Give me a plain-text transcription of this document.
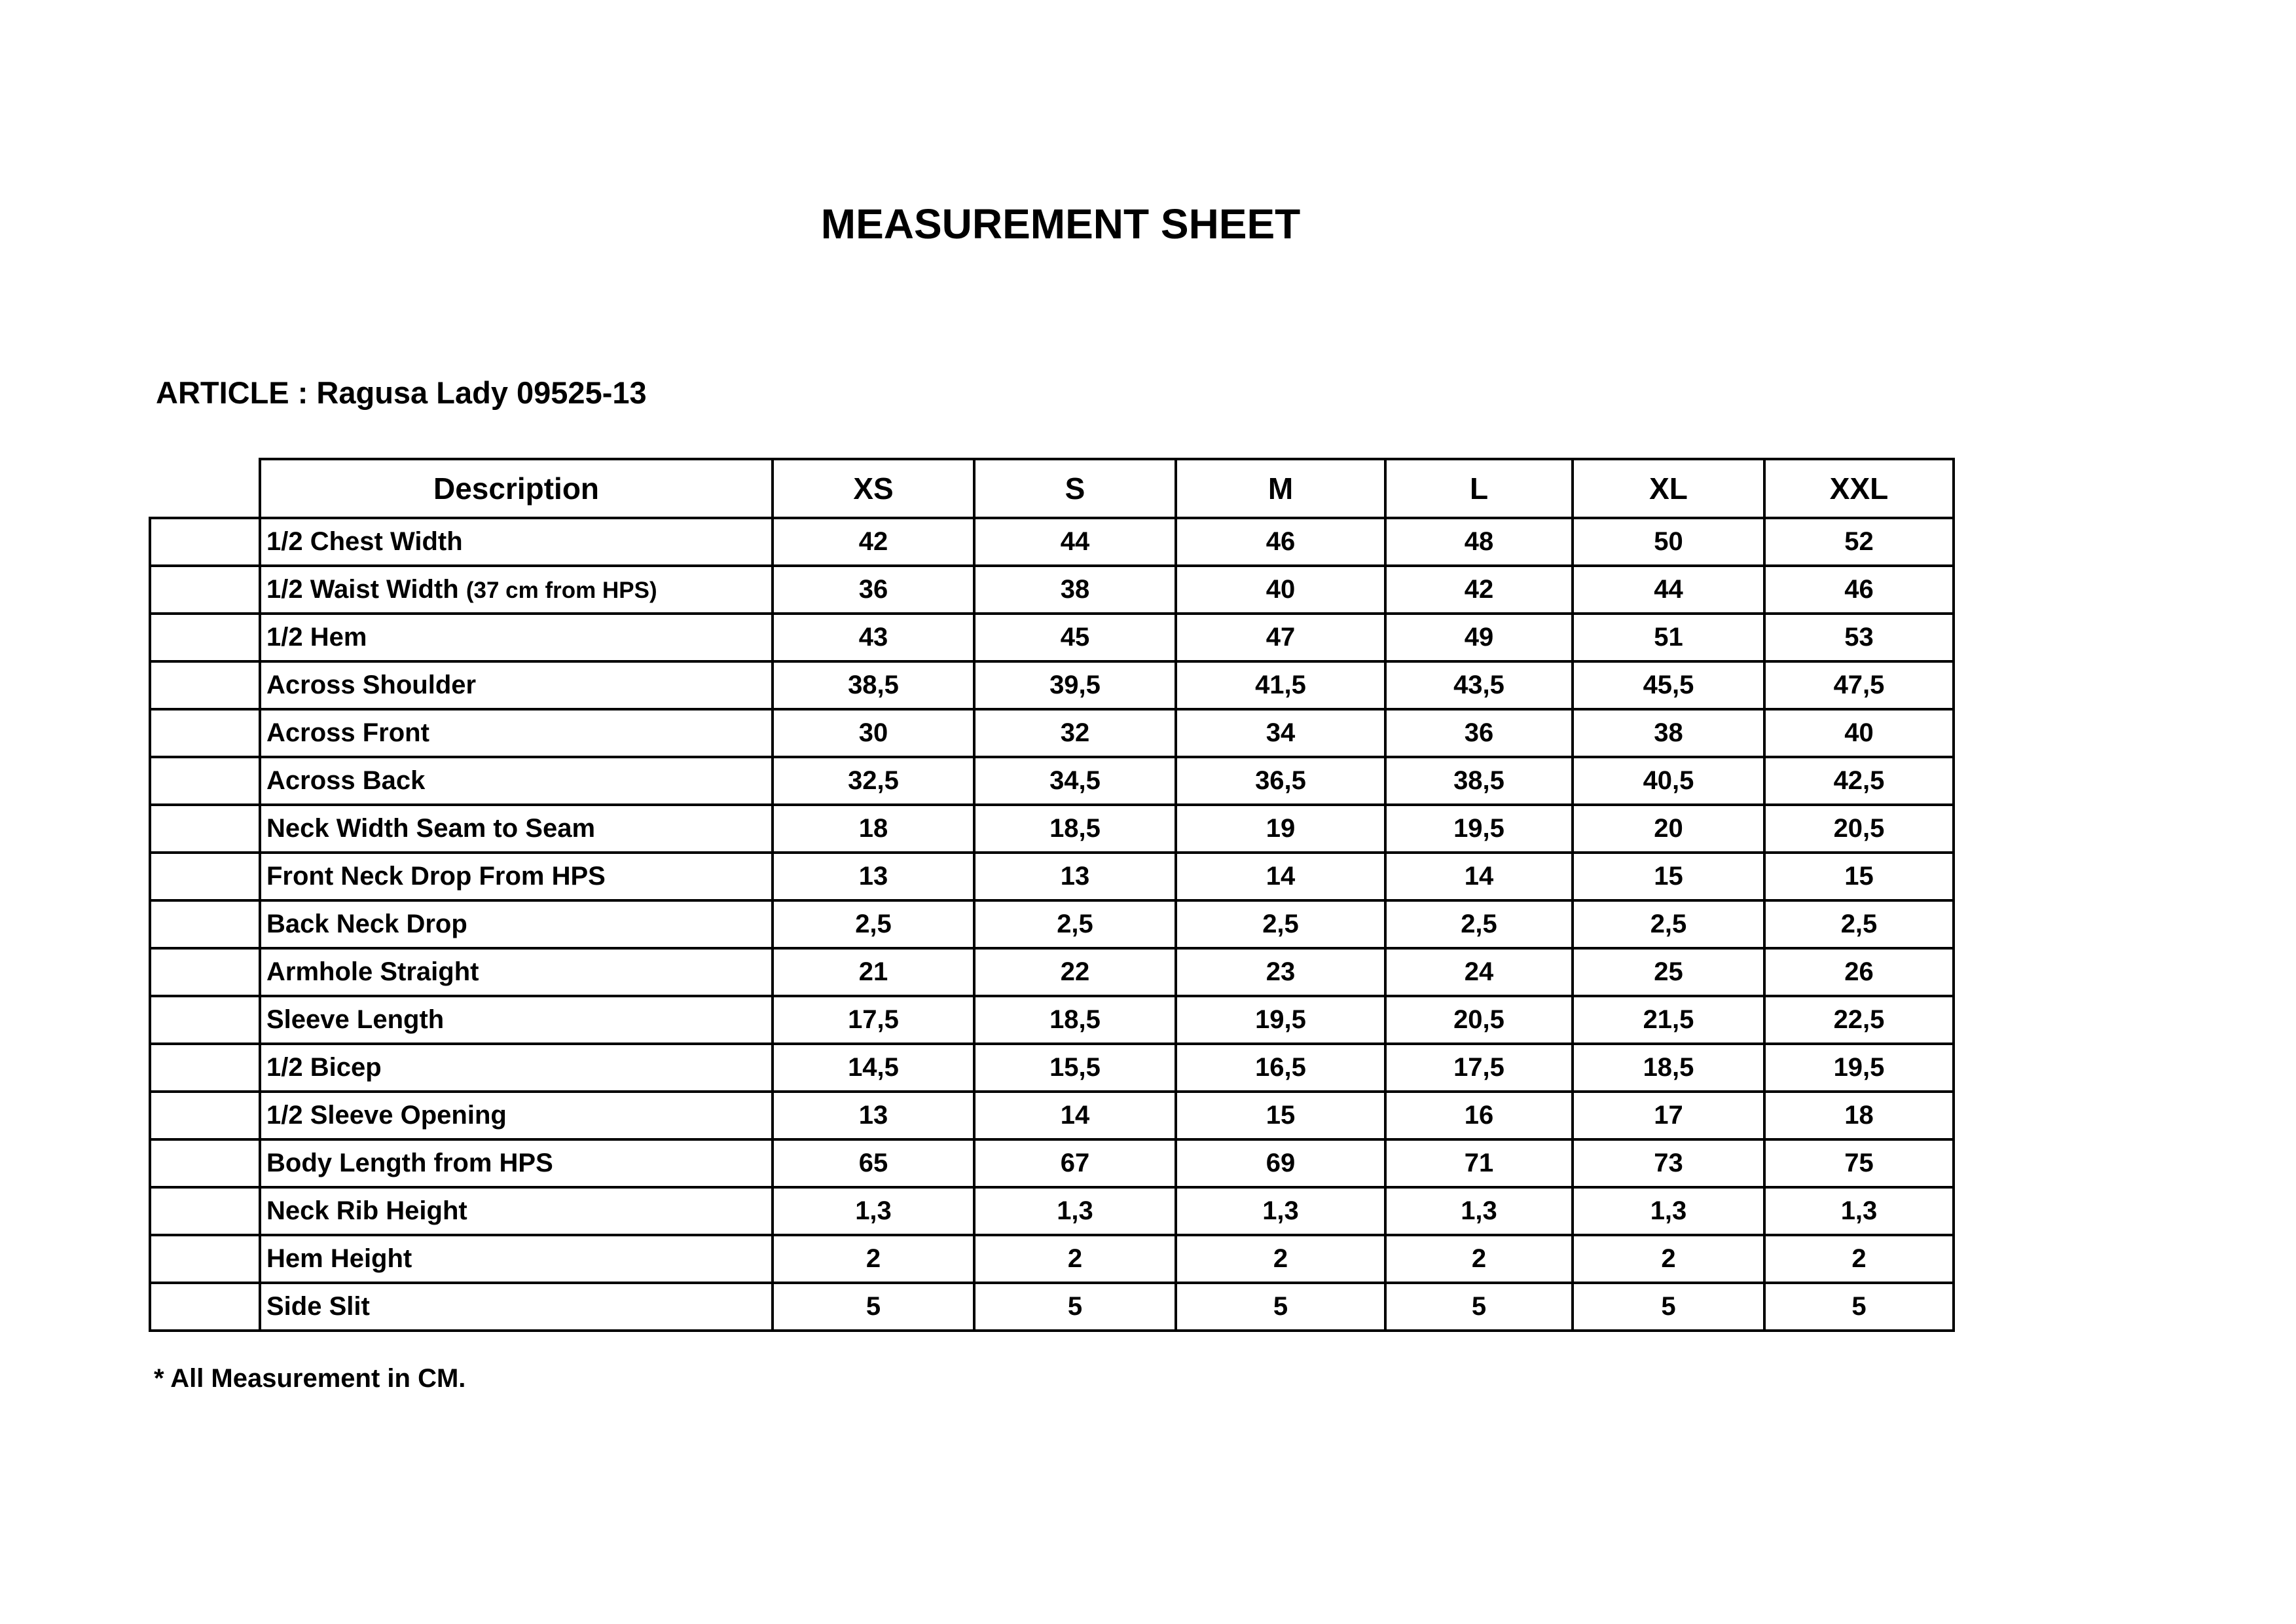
MEASUREMENT SHEET
ARTICLE : Ragusa Lady 09525-13
	Description	XS	S	M	L	XL	XXL
	1/2 Chest Width	42	44	46	48	50	52
	1/2 Waist Width (37 cm from HPS)	36	38	40	42	44	46
	1/2 Hem	43	45	47	49	51	53
	Across Shoulder	38,5	39,5	41,5	43,5	45,5	47,5
	Across Front	30	32	34	36	38	40
	Across Back	32,5	34,5	36,5	38,5	40,5	42,5
	Neck Width Seam to Seam	18	18,5	19	19,5	20	20,5
	Front Neck Drop From HPS	13	13	14	14	15	15
	Back Neck Drop	2,5	2,5	2,5	2,5	2,5	2,5
	Armhole Straight	21	22	23	24	25	26
	Sleeve Length	17,5	18,5	19,5	20,5	21,5	22,5
	1/2 Bicep	14,5	15,5	16,5	17,5	18,5	19,5
	1/2 Sleeve Opening	13	14	15	16	17	18
	Body Length from HPS	65	67	69	71	73	75
	Neck Rib Height	1,3	1,3	1,3	1,3	1,3	1,3
	Hem Height	2	2	2	2	2	2
	Side Slit	5	5	5	5	5	5
* All Measurement in CM.
